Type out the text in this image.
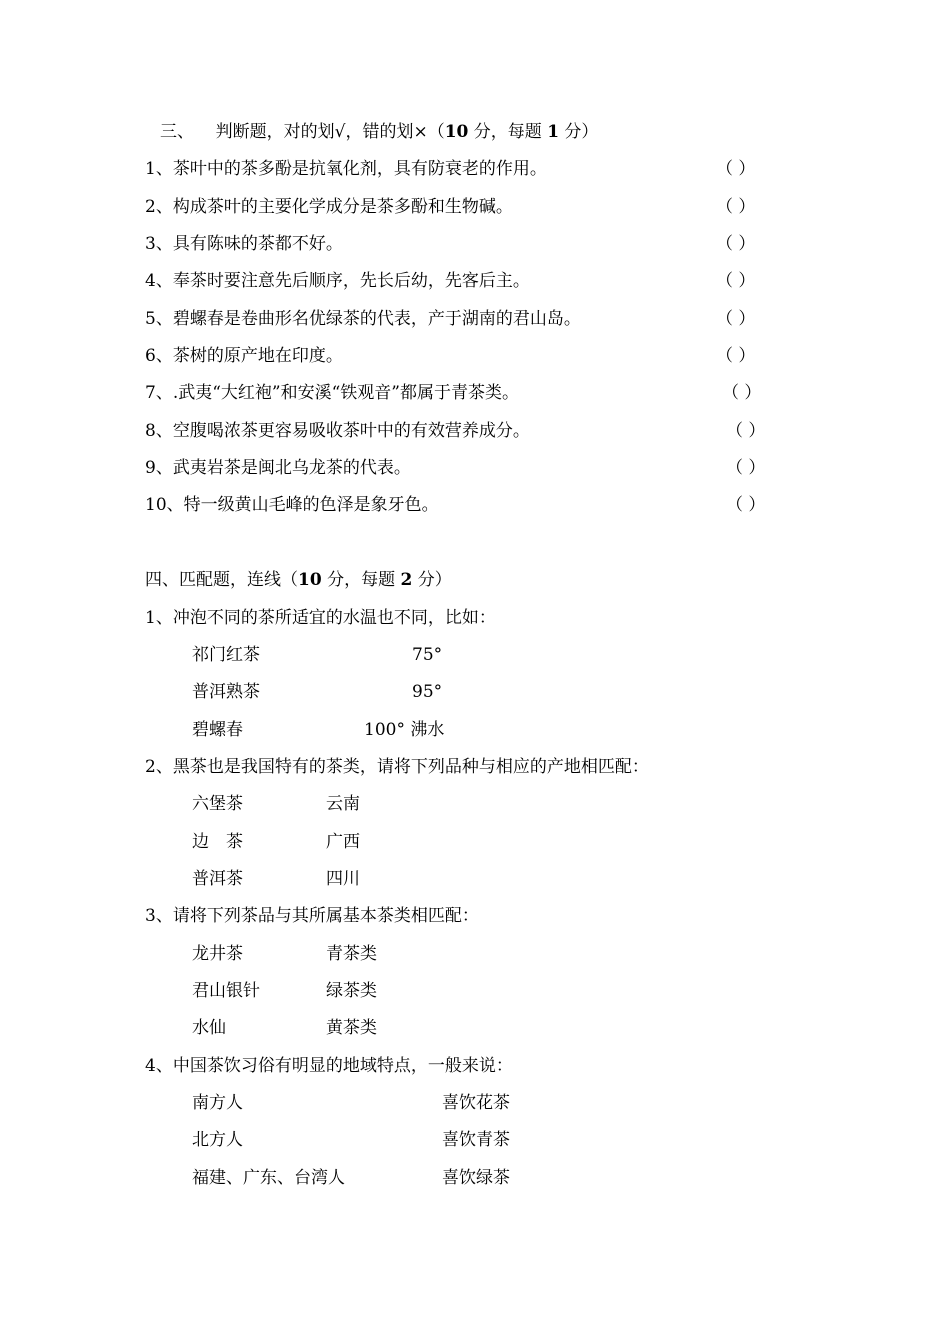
三、 判断题，对的划√，错的划×（10 分，每题 1 分）
1、茶叶中的茶多酚是抗氧化剂，具有防衰老的作用。	（ ）
2、构成茶叶的主要化学成分是茶多酚和生物碱。	（ ）
3、具有陈味的茶都不好。	（ ）
4、奉茶时要注意先后顺序，先长后幼，先客后主。	（ ）
5、碧螺春是卷曲形名优绿茶的代表，产于湖南的君山岛。	（ ）
6、茶树的原产地在印度。	（ ）
7、.武夷“大红袍”和安溪“铁观音”都属于青茶类。	（ ）
8、空腹喝浓茶更容易吸收茶叶中的有效营养成分。	（ ）
9、武夷岩茶是闽北乌龙茶的代表。	（ ）
10、特一级黄山毛峰的色泽是象牙色。	（ ）
四、匹配题，连线（10 分，每题 2 分）
1、冲泡不同的茶所适宜的水温也不同，比如：
祁门红茶	75°
普洱熟茶	95°
碧螺春	100° 沸水
2、黑茶也是我国特有的茶类，请将下列品种与相应的产地相匹配：
六堡茶	云南
边　茶	广西
普洱茶	四川
3、请将下列茶品与其所属基本茶类相匹配：
龙井茶	青茶类
君山银针	绿茶类
水仙	黄茶类
4、中国茶饮习俗有明显的地域特点，一般来说：
南方人	喜饮花茶
北方人	喜饮青茶
福建、广东、台湾人	喜饮绿茶
